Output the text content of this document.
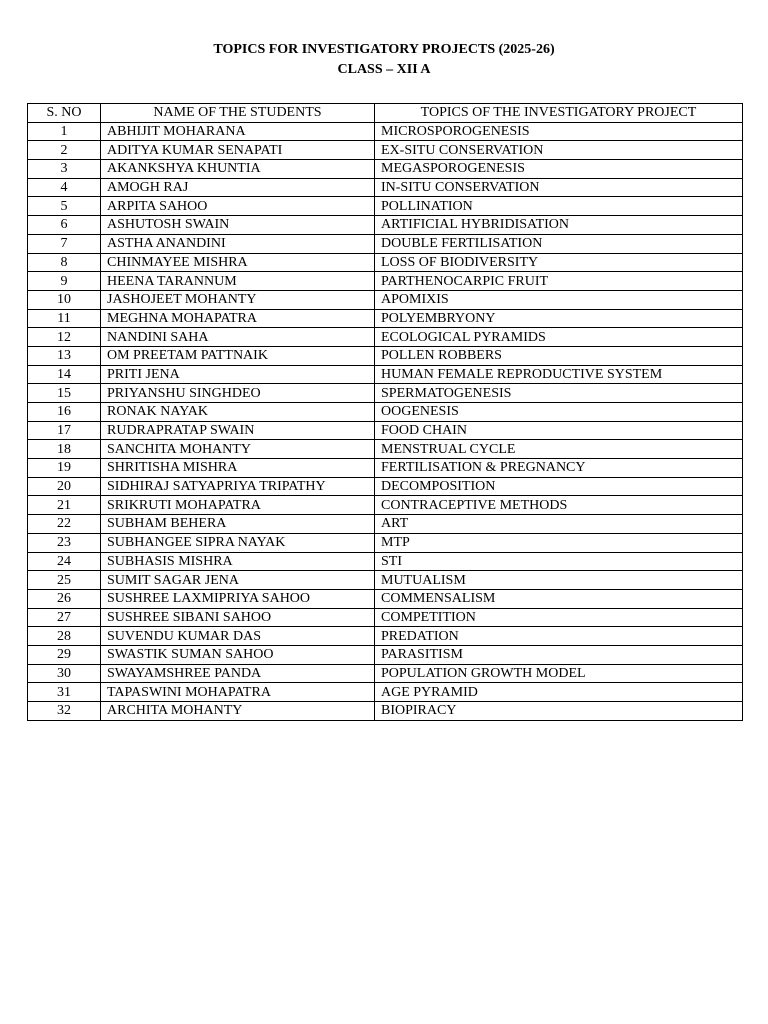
TOPICS FOR INVESTIGATORY PROJECTS (2025-26)
CLASS – XII A
S. NO	NAME OF THE STUDENTS	TOPICS OF THE INVESTIGATORY PROJECT
1	ABHIJIT MOHARANA	MICROSPOROGENESIS
2	ADITYA KUMAR SENAPATI	EX-SITU CONSERVATION
3	AKANKSHYA KHUNTIA	MEGASPOROGENESIS
4	AMOGH RAJ	IN-SITU CONSERVATION
5	ARPITA SAHOO	POLLINATION
6	ASHUTOSH SWAIN	ARTIFICIAL HYBRIDISATION
7	ASTHA ANANDINI	DOUBLE FERTILISATION
8	CHINMAYEE MISHRA	LOSS OF BIODIVERSITY
9	HEENA TARANNUM	PARTHENOCARPIC FRUIT
10	JASHOJEET MOHANTY	APOMIXIS
11	MEGHNA MOHAPATRA	POLYEMBRYONY
12	NANDINI SAHA	ECOLOGICAL PYRAMIDS
13	OM PREETAM PATTNAIK	POLLEN ROBBERS
14	PRITI JENA	HUMAN FEMALE REPRODUCTIVE SYSTEM
15	PRIYANSHU SINGHDEO	SPERMATOGENESIS
16	RONAK NAYAK	OOGENESIS
17	RUDRAPRATAP SWAIN	FOOD CHAIN
18	SANCHITA MOHANTY	MENSTRUAL CYCLE
19	SHRITISHA MISHRA	FERTILISATION & PREGNANCY
20	SIDHIRAJ SATYAPRIYA TRIPATHY	DECOMPOSITION
21	SRIKRUTI MOHAPATRA	CONTRACEPTIVE METHODS
22	SUBHAM BEHERA	ART
23	SUBHANGEE SIPRA NAYAK	MTP
24	SUBHASIS MISHRA	STI
25	SUMIT SAGAR JENA	MUTUALISM
26	SUSHREE LAXMIPRIYA SAHOO	COMMENSALISM
27	SUSHREE SIBANI SAHOO	COMPETITION
28	SUVENDU KUMAR DAS	PREDATION
29	SWASTIK SUMAN SAHOO	PARASITISM
30	SWAYAMSHREE PANDA	POPULATION GROWTH MODEL
31	TAPASWINI MOHAPATRA	AGE PYRAMID
32	ARCHITA MOHANTY	BIOPIRACY
